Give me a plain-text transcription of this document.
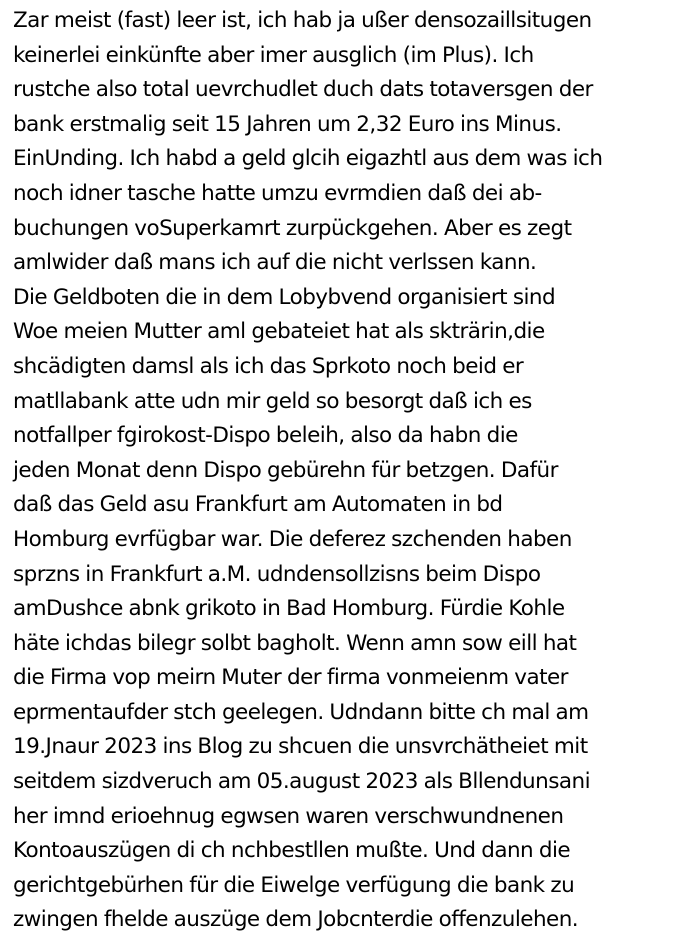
Zar meist (fast) leer ist, ich hab ja ußer densozaillsitugen
keinerlei einkünfte aber imer ausglich (im Plus). Ich
rustche also total uevrchudlet duch dats totaversgen der
bank erstmalig seit 15 Jahren um 2,32 Euro ins Minus.
EinUnding. Ich habd a geld glcih eigazhtl aus dem was ich
noch idner tasche hatte umzu evrmdien daß dei ab-
buchungen voSuperkamrt zurpückgehen. Aber es zegt
amlwider daß mans ich auf die nicht verlssen kann.
Die Geldboten die in dem Lobybvend organisiert sind
Woe meien Mutter aml gebateiet hat als skträrin,die
shcädigten damsl als ich das Sprkoto noch beid er
matllabank atte udn mir geld so besorgt daß ich es
notfallper fgirokost-Dispo beleih, also da habn die
jeden Monat denn Dispo gebürehn für betzgen. Dafür
daß das Geld asu Frankfurt am Automaten in bd
Homburg evrfügbar war. Die deferez szchenden haben
sprzns in Frankfurt a.M. udndensollzisns beim Dispo
amDushce abnk grikoto in Bad Homburg. Fürdie Kohle
häte ichdas bilegr solbt bagholt. Wenn amn sow eill hat
die Firma vop meirn Muter der firma vonmeienm vater
eprmentaufder stch geelegen. Udndann bitte ch mal am
19.Jnaur 2023 ins Blog zu shcuen die unsvrchätheiet mit
seitdem sizdveruch am 05.august 2023 als Bllendunsani
her imnd erioehnug egwsen waren verschwundnenen
Kontoauszügen di ch nchbestllen mußte. Und dann die
gerichtgebürhen für die Eiwelge verfügung die bank zu
zwingen fhelde auszüge dem Jobcnterdie offenzulehen.
